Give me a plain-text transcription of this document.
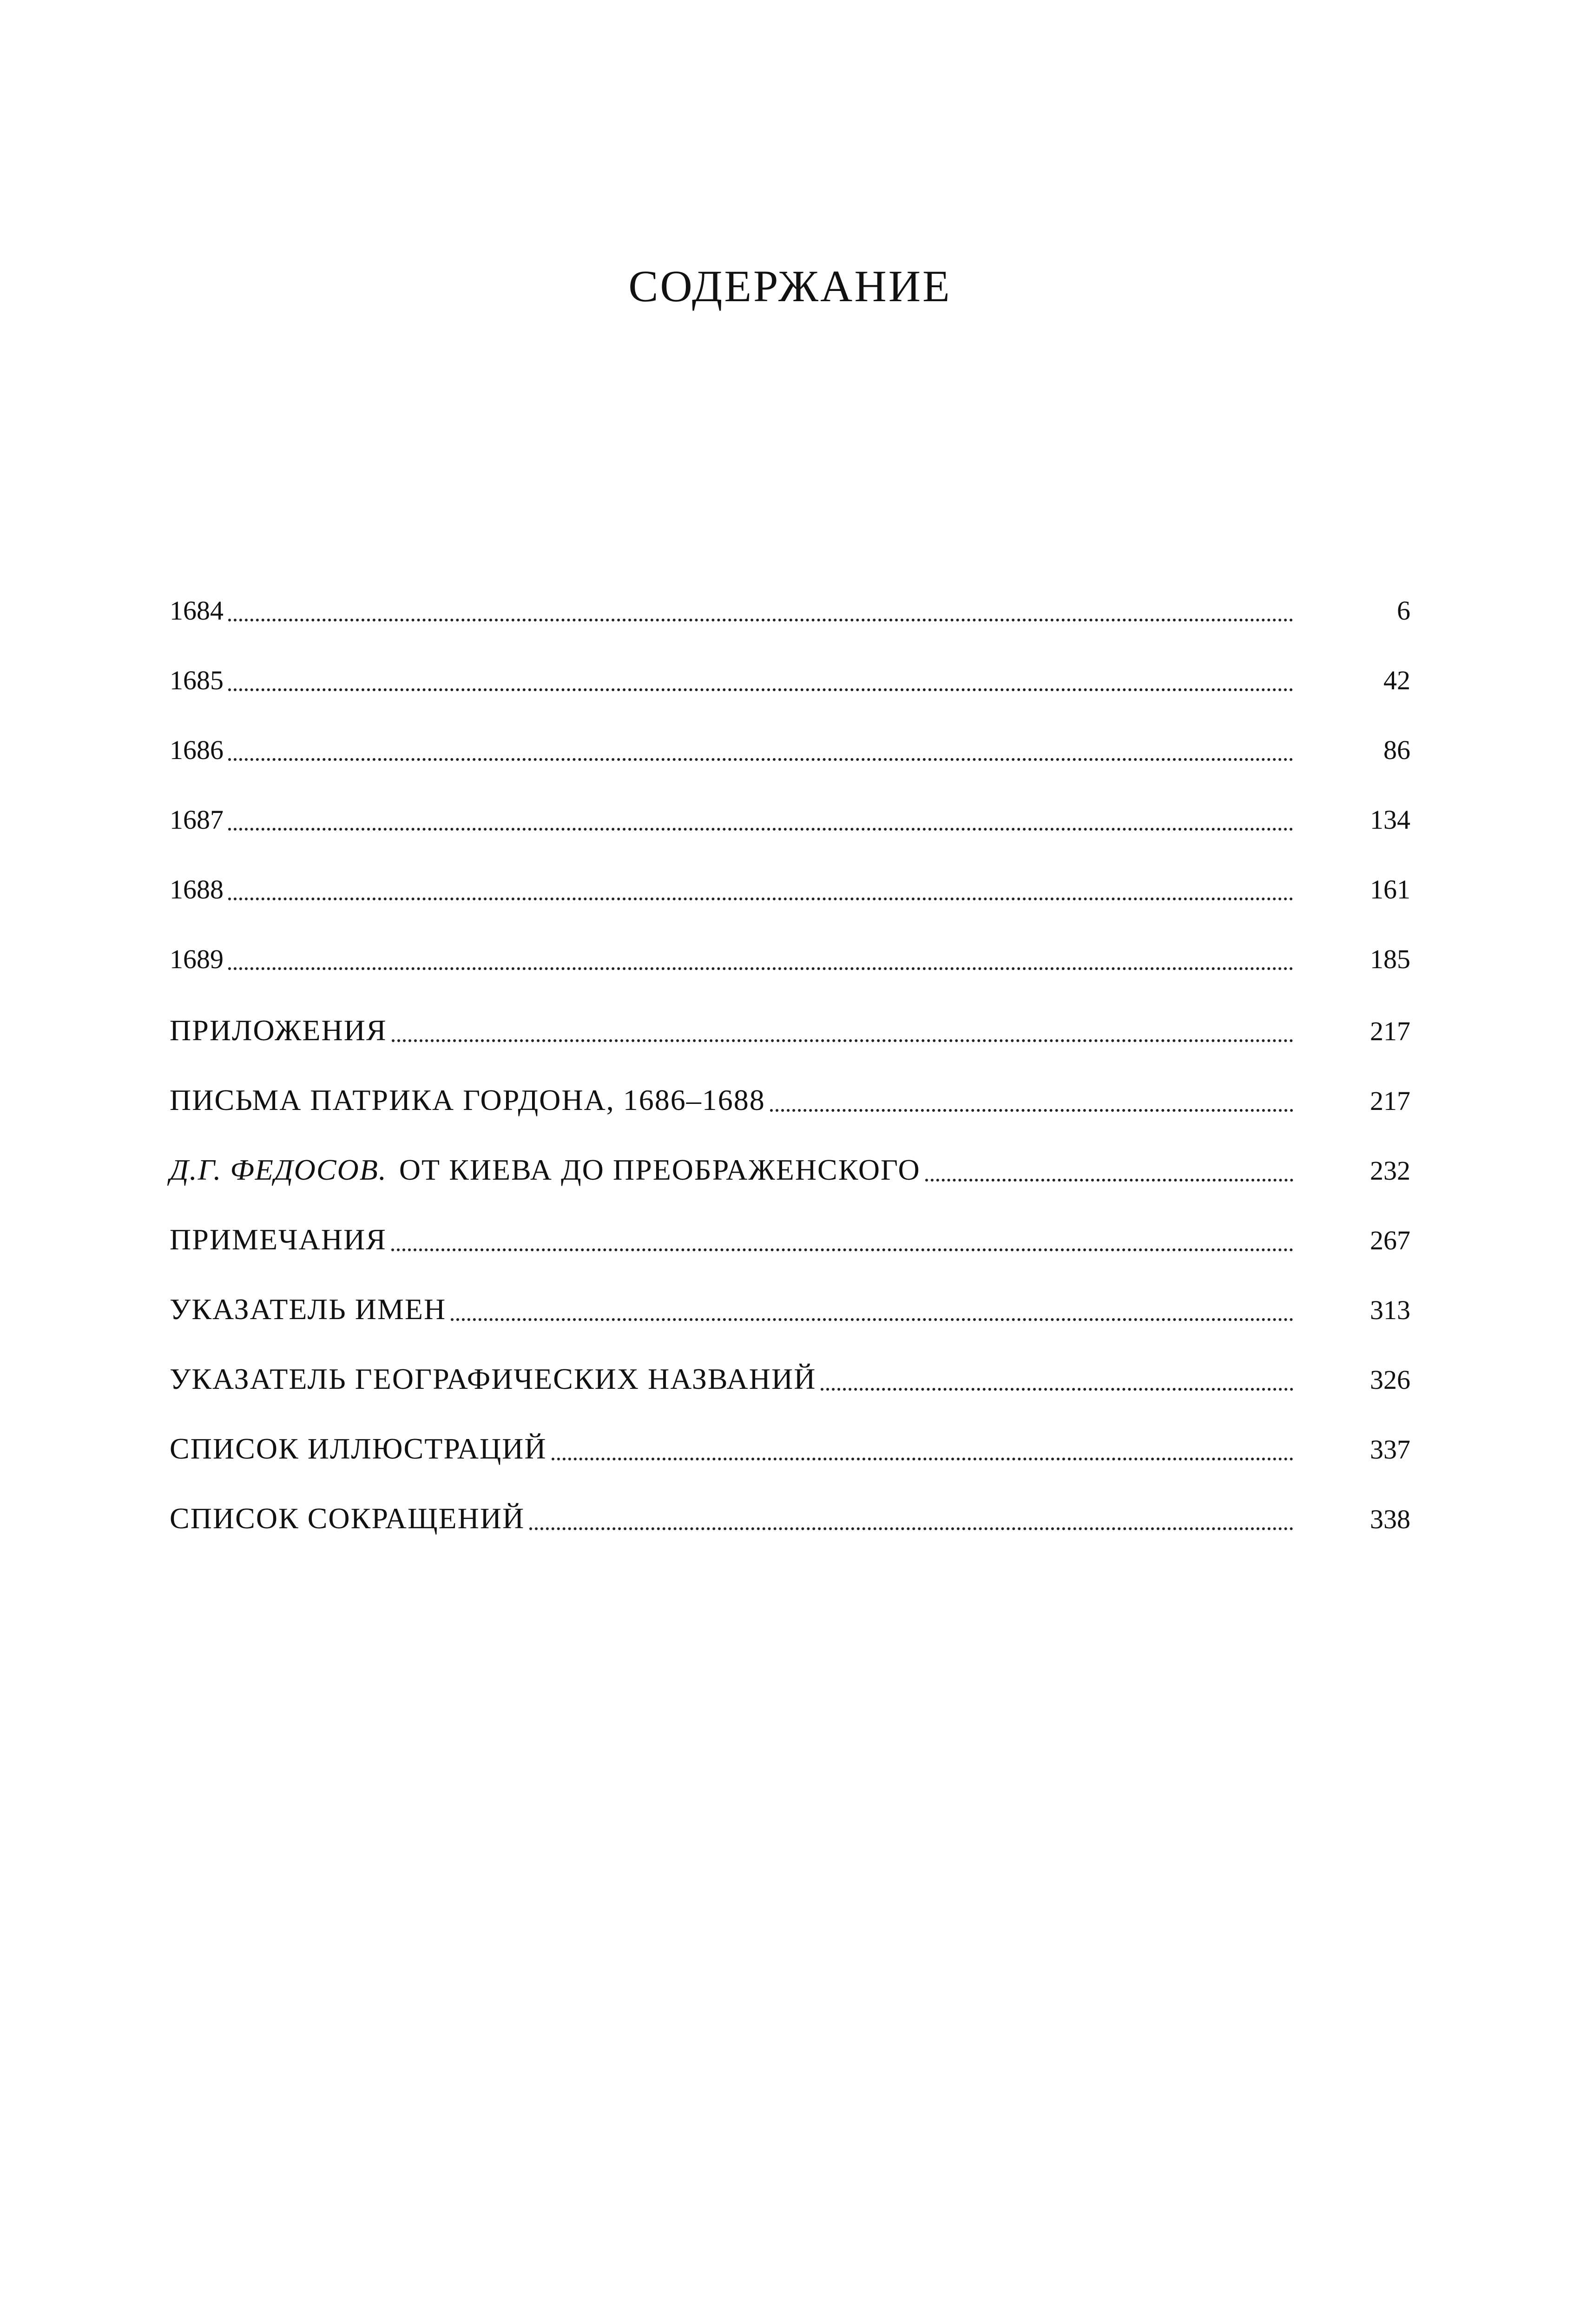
СОДЕРЖАНИЕ
1684	6
1685	42
1686	86
1687	134
1688	161
1689	185
ПРИЛОЖЕНИЯ	217
ПИСЬМА ПАТРИКА ГОРДОНА, 1686–1688	217
Д.Г. ФЕДОСОВ. ОТ КИЕВА ДО ПРЕОБРАЖЕНСКОГО	232
ПРИМЕЧАНИЯ	267
УКАЗАТЕЛЬ ИМЕН	313
УКАЗАТЕЛЬ ГЕОГРАФИЧЕСКИХ НАЗВАНИЙ	326
СПИСОК ИЛЛЮСТРАЦИЙ	337
СПИСОК СОКРАЩЕНИЙ	338
